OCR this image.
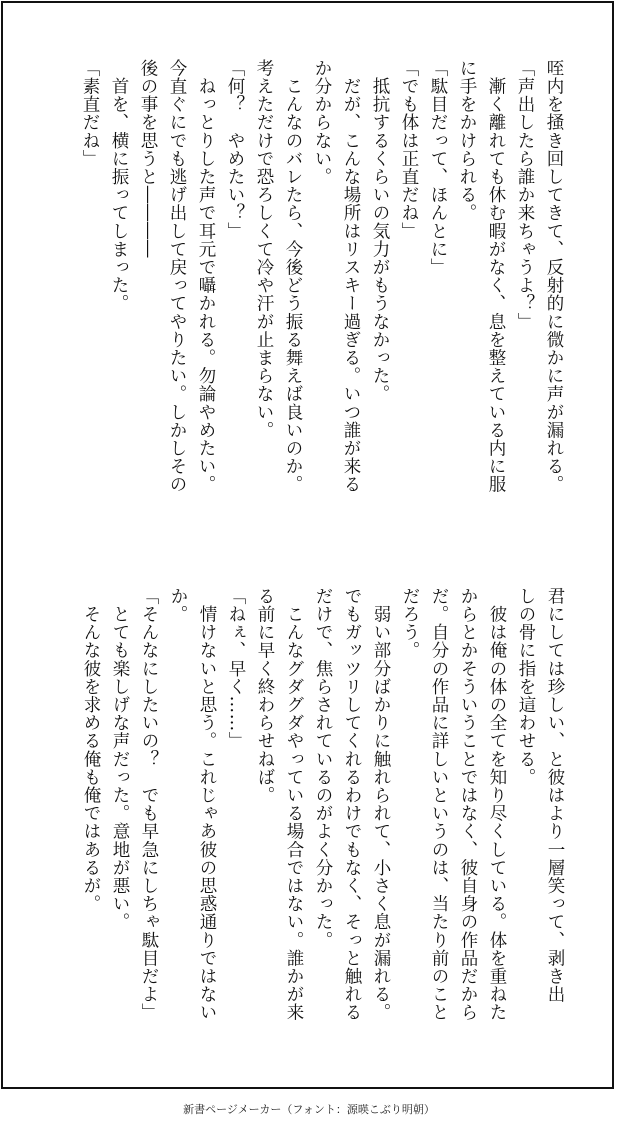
咥内を掻き回してきて、反射的に微かに声が漏れる。
「声出したら誰か来ちゃうよ？」
　漸く離れても休む暇がなく、息を整えている内に服
に手をかけられる。
「駄目だって、ほんとに」
「でも体は正直だね」
　抵抗するくらいの気力がもうなかった。
　だが、こんな場所はリスキー過ぎる。いつ誰が来る
か分からない。
　こんなのバレたら、今後どう振る舞えば良いのか。
考えただけで恐ろしくて冷や汗が止まらない。
「何？　やめたい？」
　ねっとりした声で耳元で囁かれる。勿論やめたい。
今直ぐにでも逃げ出して戻ってやりたい。しかしその
後の事を思うと――――
　首を、横に振ってしまった。
「素直だね」
君にしては珍しい、と彼はより一層笑って、剥き出
しの骨に指を這わせる。
　彼は俺の体の全てを知り尽くしている。体を重ねた
からとかそういうことではなく、彼自身の作品だから
だ。自分の作品に詳しいというのは、当たり前のこと
だろう。
　弱い部分ばかりに触れられて、小さく息が漏れる。
でもガッツリしてくれるわけでもなく、そっと触れる
だけで、焦らされているのがよく分かった。
　こんなグダグダやっている場合ではない。誰かが来
る前に早く終わらせねば。
「ねぇ、早く……」
　情けないと思う。これじゃあ彼の思惑通りではない
か。
「そんなにしたいの？　でも早急にしちゃ駄目だよ」
　とても楽しげな声だった。意地が悪い。
　そんな彼を求める俺も俺ではあるが。
新書ページメーカー（フォント：源暎こぶり明朝）
